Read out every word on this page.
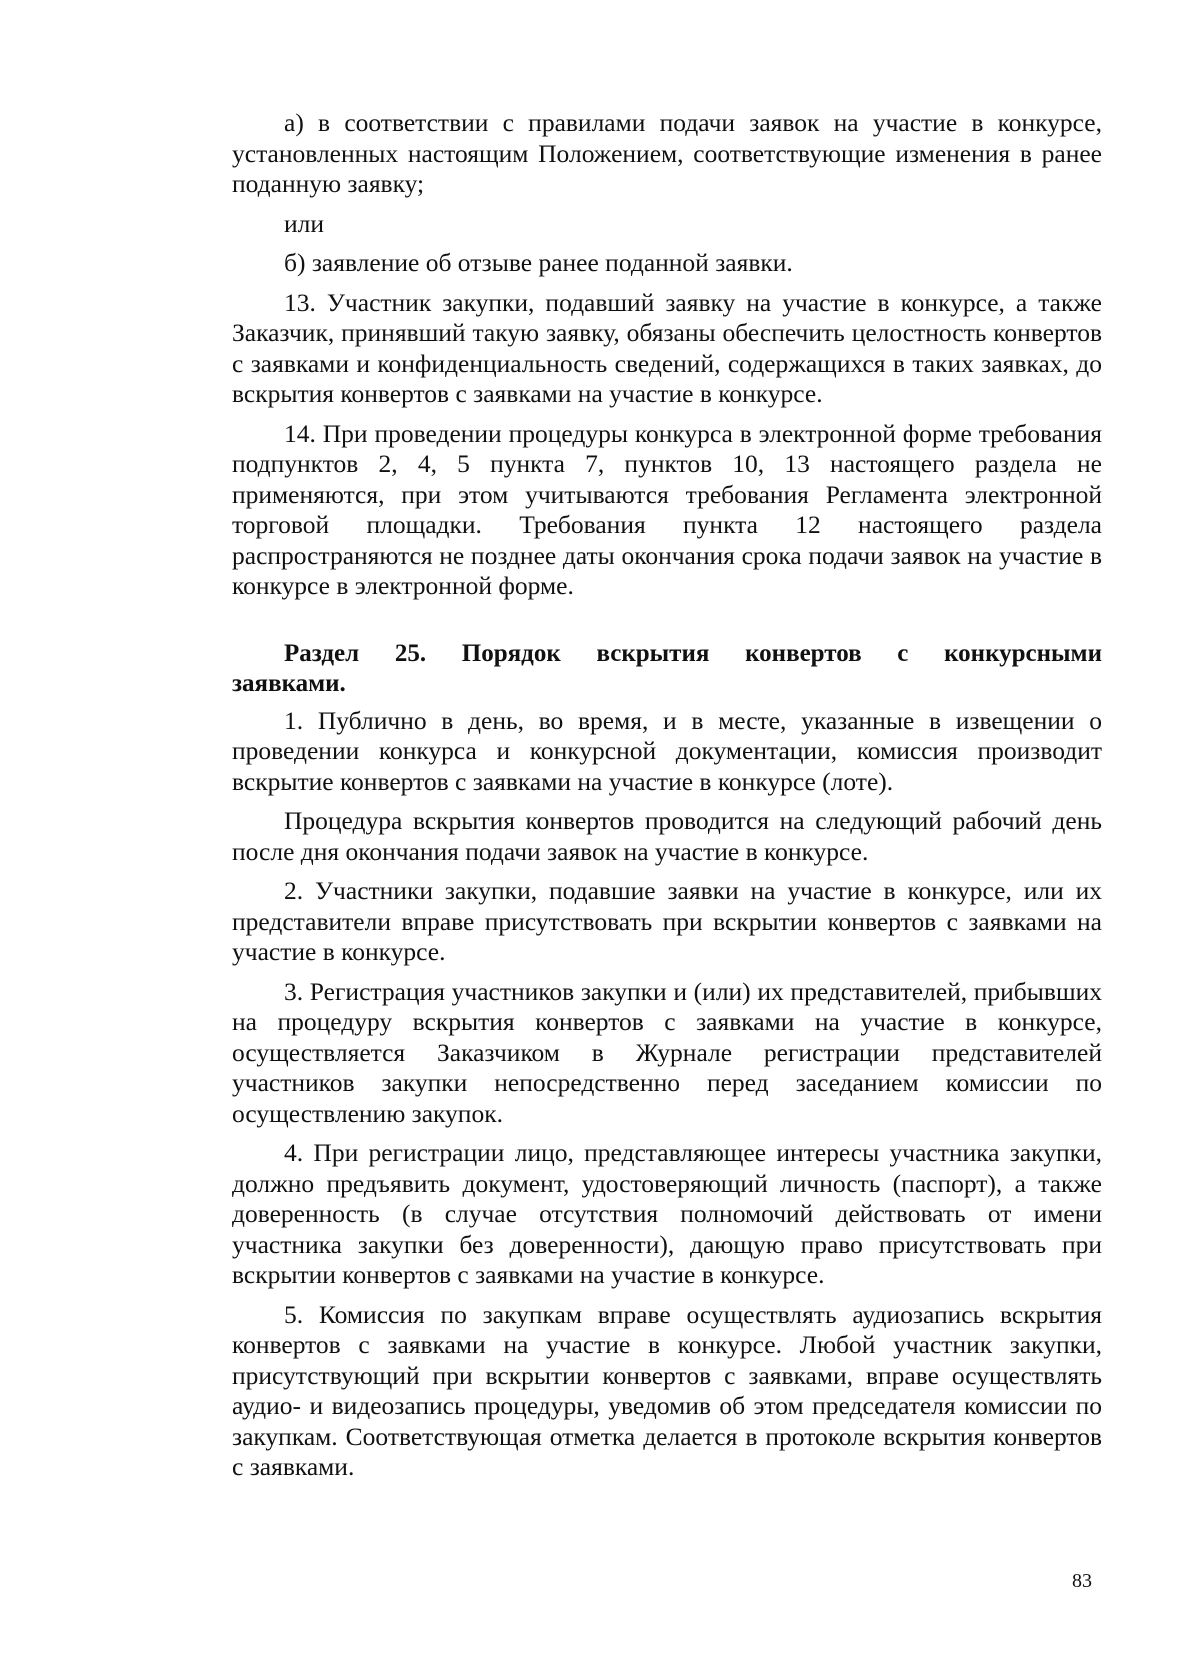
а) в соответствии с правилами подачи заявок на участие в конкурсе, установленных настоящим Положением, соответствующие изменения в ранее поданную заявку;

или

б) заявление об отзыве ранее поданной заявки.

13. Участник закупки, подавший заявку на участие в конкурсе, а также Заказчик, принявший такую заявку, обязаны обеспечить целостность конвертов с заявками и конфиденциальность сведений, содержащихся в таких заявках, до вскрытия конвертов с заявками на участие в конкурсе.

14. При проведении процедуры конкурса в электронной форме требования подпунктов 2, 4, 5 пункта 7, пунктов 10, 13 настоящего раздела не применяются, при этом учитываются требования Регламента электронной торговой площадки. Требования пункта 12 настоящего раздела распространяются не позднее даты окончания срока подачи заявок на участие в конкурсе в электронной форме.

Раздел 25. Порядок вскрытия конвертов с конкурсными заявками.

1. Публично в день, во время, и в месте, указанные в извещении о проведении конкурса и конкурсной документации, комиссия производит вскрытие конвертов с заявками на участие в конкурсе (лоте).

Процедура вскрытия конвертов проводится на следующий рабочий день после дня окончания подачи заявок на участие в конкурсе.

2. Участники закупки, подавшие заявки на участие в конкурсе, или их представители вправе присутствовать при вскрытии конвертов с заявками на участие в конкурсе.

3. Регистрация участников закупки и (или) их представителей, прибывших на процедуру вскрытия конвертов с заявками на участие в конкурсе, осуществляется Заказчиком в Журнале регистрации представителей участников закупки непосредственно перед заседанием комиссии по осуществлению закупок.

4. При регистрации лицо, представляющее интересы участника закупки, должно предъявить документ, удостоверяющий личность (паспорт), а также доверенность (в случае отсутствия полномочий действовать от имени участника закупки без доверенности), дающую право присутствовать при вскрытии конвертов с заявками на участие в конкурсе.

5. Комиссия по закупкам вправе осуществлять аудиозапись вскрытия конвертов с заявками на участие в конкурсе. Любой участник закупки, присутствующий при вскрытии конвертов с заявками, вправе осуществлять аудио- и видеозапись процедуры, уведомив об этом председателя комиссии по закупкам. Соответствующая отметка делается в протоколе вскрытия конвертов с заявками.

83
